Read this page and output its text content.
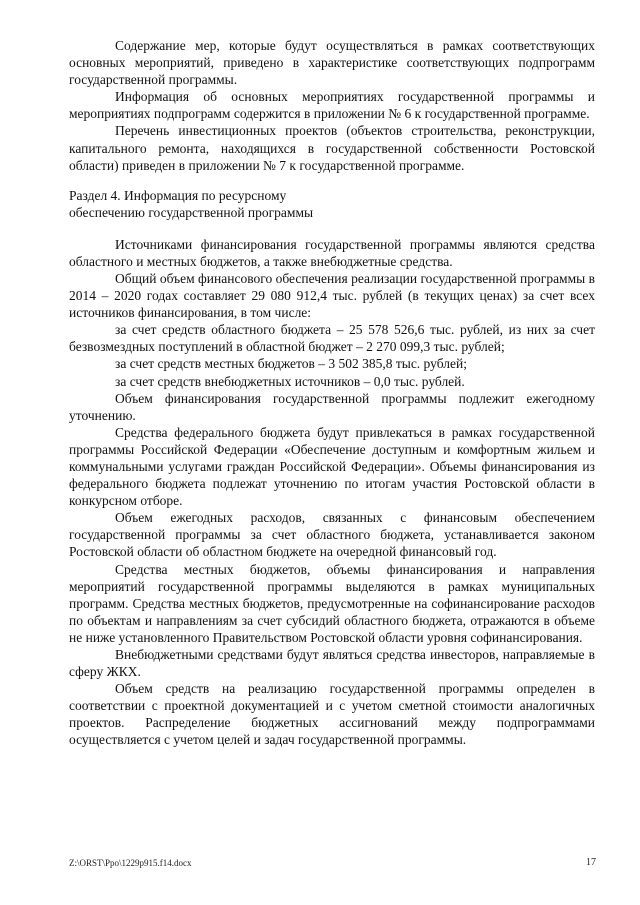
Содержание мер, которые будут осуществляться в рамках соответствующих основных мероприятий, приведено в характеристике соответствующих подпрограмм государственной программы.

Информация об основных мероприятиях государственной программы и мероприятиях подпрограмм содержится в приложении № 6 к государственной программе.

Перечень инвестиционных проектов (объектов строительства, реконструкции, капитального ремонта, находящихся в государственной собственности Ростовской области) приведен в приложении № 7 к государственной программе.

Раздел 4. Информация по ресурсному
обеспечению государственной программы

Источниками финансирования государственной программы являются средства областного и местных бюджетов, а также внебюджетные средства.

Общий объем финансового обеспечения реализации государственной программы в 2014 – 2020 годах составляет 29 080 912,4 тыс. рублей (в текущих ценах) за счет всех источников финансирования, в том числе:

за счет средств областного бюджета – 25 578 526,6 тыс. рублей, из них за счет безвозмездных поступлений в областной бюджет – 2 270 099,3 тыс. рублей;

за счет средств местных бюджетов – 3 502 385,8 тыс. рублей;

за счет средств внебюджетных источников – 0,0 тыс. рублей.

Объем финансирования государственной программы подлежит ежегодному уточнению.

Средства федерального бюджета будут привлекаться в рамках государственной программы Российской Федерации «Обеспечение доступным и комфортным жильем и коммунальными услугами граждан Российской Федерации». Объемы финансирования из федерального бюджета подлежат уточнению по итогам участия Ростовской области в конкурсном отборе.

Объем ежегодных расходов, связанных с финансовым обеспечением государственной программы за счет областного бюджета, устанавливается законом Ростовской области об областном бюджете на очередной финансовый год.

Средства местных бюджетов, объемы финансирования и направления мероприятий государственной программы выделяются в рамках муниципальных программ. Средства местных бюджетов, предусмотренные на софинансирование расходов по объектам и направлениям за счет субсидий областного бюджета, отражаются в объеме не ниже установленного Правительством Ростовской области уровня софинансирования.

Внебюджетными средствами будут являться средства инвесторов, направляемые в сферу ЖКХ.

Объем средств на реализацию государственной программы определен в соответствии с проектной документацией и с учетом сметной стоимости аналогичных проектов. Распределение бюджетных ассигнований между подпрограммами осуществляется с учетом целей и задач государственной программы.

Z:\ORST\Ppo\1229p915.f14.docx	17
